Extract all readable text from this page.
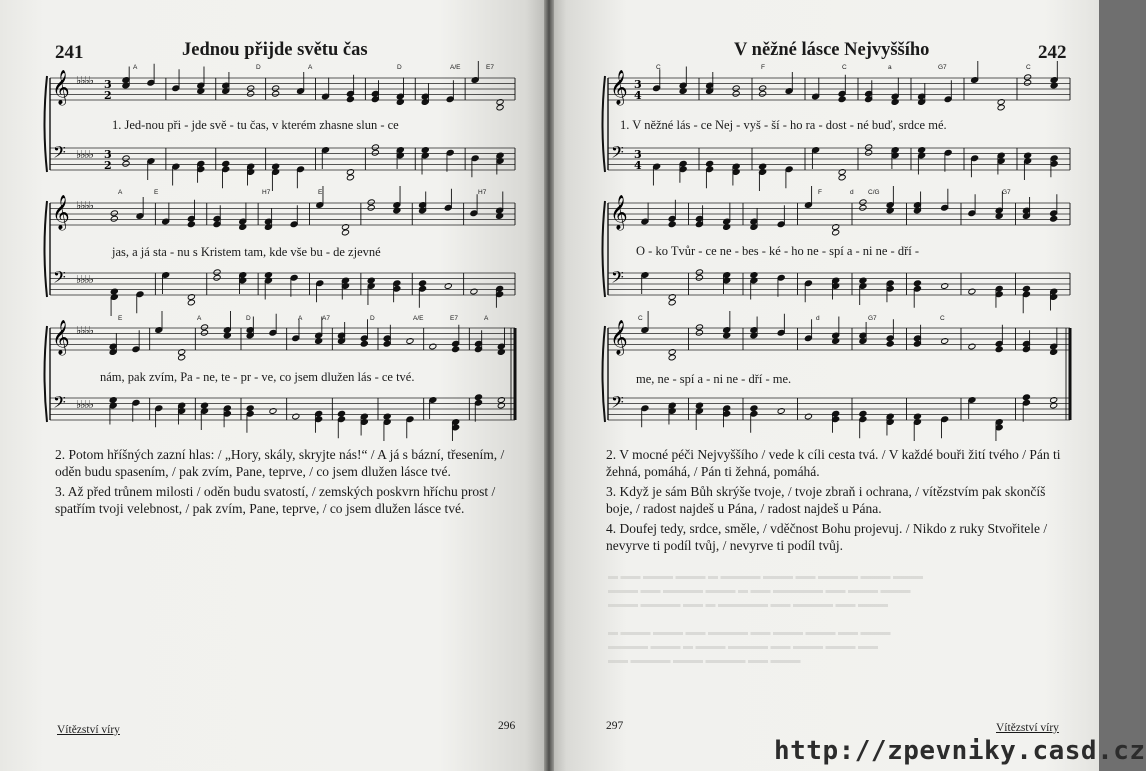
241	Jednou přijde světu čas
𝄞
𝄢
♭♭♭♭
♭♭♭♭
3
2
3
2
𝄞
𝄢
♭♭♭♭
♭♭♭♭
𝄞
𝄢
♭♭♭♭
♭♭♭♭
1. Jed-nou při - jde svě - tu čas, v kterém zhasne slun - ce
jas, a já sta - nu s Kristem tam, kde vše bu - de zjevné
nám, pak zvím, Pa - ne, te - pr - ve, co jsem dlužen lás - ce tvé.
A	D	A	D	A/E	E7
A	E	H7	E	H7
E	A	D	A	A7	D	A/E	E7	A

2. Potom hříšných zazní hlas: / „Hory, skály, skryjte nás!“ / A já s bázní, třesením, / oděn budu spasením, / pak zvím, Pane, teprve, / co jsem dlužen lásce tvé.

3. Až před trůnem milosti / oděn budu svatostí, / zemských poskvrn hříchu prost / spatřím tvoji velebnost, / pak zvím, Pane, teprve, / co jsem dlužen lásce tvé.

Vítězství víry	296
▬ ▬▬ ▬▬▬ ▬▬▬ ▬ ▬▬▬▬ ▬▬▬ ▬▬ ▬▬▬▬ ▬▬▬ ▬▬▬
▬▬▬ ▬▬ ▬▬▬▬ ▬▬▬ ▬ ▬▬ ▬▬▬▬▬ ▬▬ ▬▬▬ ▬▬▬
▬▬▬ ▬▬▬▬ ▬▬ ▬ ▬▬▬▬▬ ▬▬ ▬▬▬▬ ▬▬ ▬▬▬

▬ ▬▬▬ ▬▬▬ ▬▬ ▬▬▬▬ ▬▬ ▬▬▬ ▬▬▬ ▬▬ ▬▬▬
▬▬▬▬ ▬▬▬ ▬ ▬▬▬ ▬▬▬▬ ▬▬ ▬▬▬ ▬▬▬ ▬▬
▬▬ ▬▬▬▬ ▬▬▬ ▬▬▬▬ ▬▬ ▬▬▬
V něžné lásce Nejvyššího	242
𝄞
𝄢
3
4
3
4
𝄞
𝄢
𝄞
𝄢
1. V něžné lás - ce Nej - vyš - ší - ho ra - dost - né buď, srdce mé.
O - ko Tvůr - ce ne - bes - ké - ho ne - spí a - ni ne - dří -
me, ne - spí a - ni ne - dří - me.
C	F	C	a	G7	C
F	d C/G	G7
C	d	G7	C

2. V mocné péči Nejvyššího / vede k cíli cesta tvá. / V každé bouři žití tvého / Pán ti žehná, pomáhá, / Pán ti žehná, pomáhá.

3. Když je sám Bůh skrýše tvoje, / tvoje zbraň i ochrana, / vítězstvím pak skončíš boje, / radost najdeš u Pána, / radost najdeš u Pána.

4. Doufej tedy, srdce, směle, / vděčnost Bohu projevuj. / Nikdo z ruky Stvořitele / nevyrve ti podíl tvůj, / nevyrve ti podíl tvůj.

297	Vítězství víry
http://zpevniky.casd.cz
